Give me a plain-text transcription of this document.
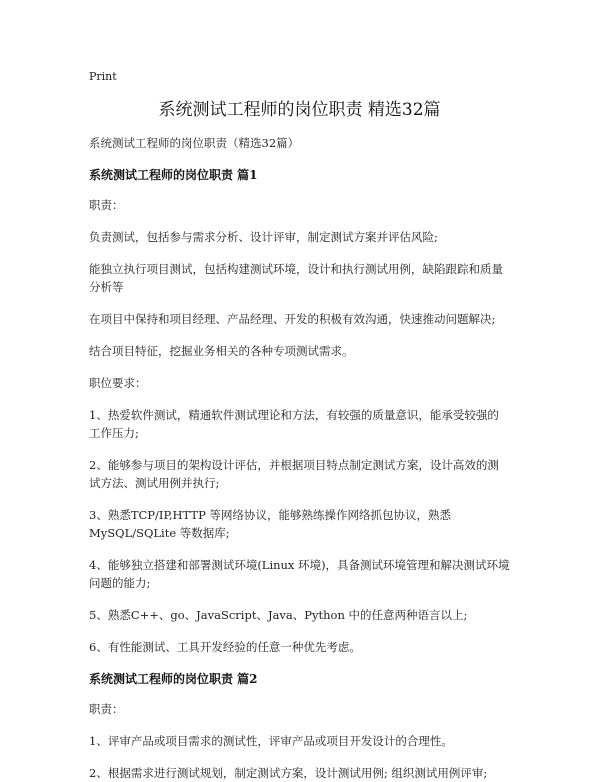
Print
系统测试工程师的岗位职责 精选32篇
系统测试工程师的岗位职责（精选32篇）
系统测试工程师的岗位职责 篇1
职责：
负责测试，包括参与需求分析、设计评审，制定测试方案并评估风险;
能独立执行项目测试，包括构建测试环境，设计和执行测试用例，缺陷跟踪和质量分析等
在项目中保持和项目经理、产品经理、开发的积极有效沟通，快速推动问题解决;
结合项目特征，挖掘业务相关的各种专项测试需求。
职位要求：
1、热爱软件测试，精通软件测试理论和方法，有较强的质量意识，能承受较强的工作压力;
2、能够参与项目的架构设计评估，并根据项目特点制定测试方案，设计高效的测试方法、测试用例并执行;
3、熟悉TCP/IP,HTTP 等网络协议，能够熟练操作网络抓包协议，熟悉 MySQL/SQLite 等数据库;
4、能够独立搭建和部署测试环境(Linux 环境)，具备测试环境管理和解决测试环境问题的能力;
5、熟悉C++、go、JavaScript、Java、Python 中的任意两种语言以上;
6、有性能测试、工具开发经验的任意一种优先考虑。
系统测试工程师的岗位职责 篇2
职责：
1、评审产品或项目需求的测试性，评审产品或项目开发设计的合理性。
2、根据需求进行测试规划，制定测试方案，设计测试用例; 组织测试用例评审;
